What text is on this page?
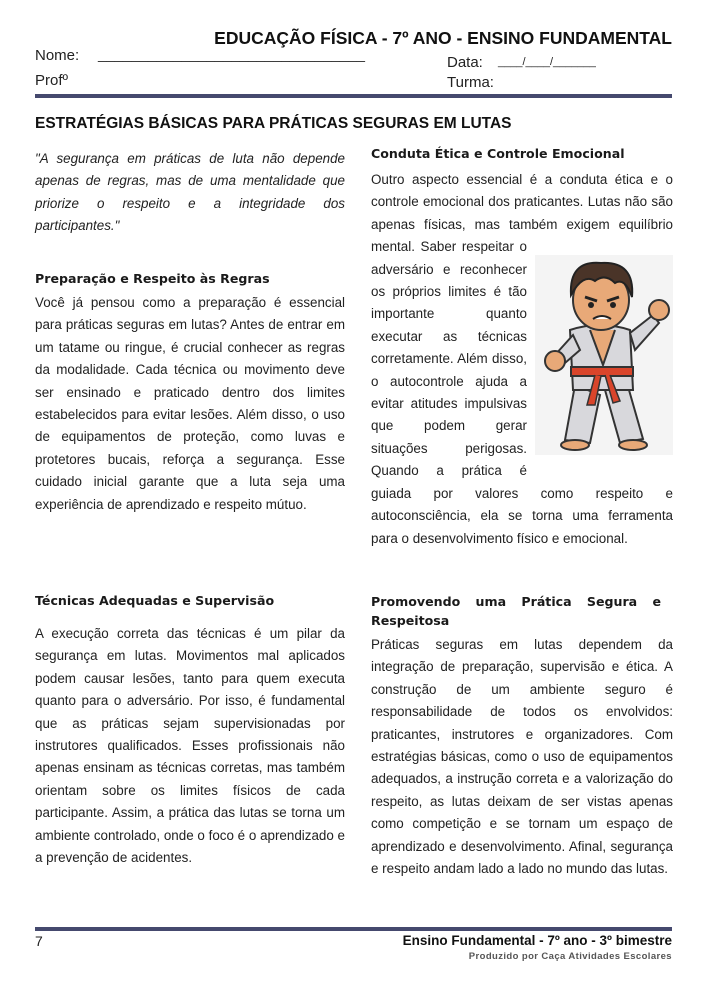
EDUCAÇÃO FÍSICA - 7º ANO - ENSINO FUNDAMENTAL
Nome: ________________________________
Profº
Data: ____/____/_______
Turma:
ESTRATÉGIAS BÁSICAS PARA PRÁTICAS SEGURAS EM LUTAS
"A segurança em práticas de luta não depende apenas de regras, mas de uma mentalidade que priorize o respeito e a integridade dos participantes."
Preparação e Respeito às Regras
Você já pensou como a preparação é essencial para práticas seguras em lutas? Antes de entrar em um tatame ou ringue, é crucial conhecer as regras da modalidade. Cada técnica ou movimento deve ser ensinado e praticado dentro dos limites estabelecidos para evitar lesões. Além disso, o uso de equipamentos de proteção, como luvas e protetores bucais, reforça a segurança. Esse cuidado inicial garante que a luta seja uma experiência de aprendizado e respeito mútuo.
Técnicas Adequadas e Supervisão
A execução correta das técnicas é um pilar da segurança em lutas. Movimentos mal aplicados podem causar lesões, tanto para quem executa quanto para o adversário. Por isso, é fundamental que as práticas sejam supervisionadas por instrutores qualificados. Esses profissionais não apenas ensinam as técnicas corretas, mas também orientam sobre os limites físicos de cada participante. Assim, a prática das lutas se torna um ambiente controlado, onde o foco é o aprendizado e a prevenção de acidentes.
Conduta Ética e Controle Emocional
Outro aspecto essencial é a conduta ética e o controle emocional dos praticantes. Lutas não são apenas físicas, mas também exigem equilíbrio mental. Saber respeitar o adversário e reconhecer os próprios limites é tão importante quanto executar as técnicas corretamente. Além disso, o autocontrole ajuda a evitar atitudes impulsivas que podem gerar situações perigosas. Quando a prática é guiada por valores como respeito e autoconsciência, ela se torna uma ferramenta para o desenvolvimento físico e emocional.
Promovendo uma Prática Segura e Respeitosa
Práticas seguras em lutas dependem da integração de preparação, supervisão e ética. A construção de um ambiente seguro é responsabilidade de todos os envolvidos: praticantes, instrutores e organizadores. Com estratégias básicas, como o uso de equipamentos adequados, a instrução correta e a valorização do respeito, as lutas deixam de ser vistas apenas como competição e se tornam um espaço de aprendizado e desenvolvimento. Afinal, segurança e respeito andam lado a lado no mundo das lutas.
7	Ensino Fundamental - 7º ano - 3º bimestre
Produzido por Caça Atividades Escolares
